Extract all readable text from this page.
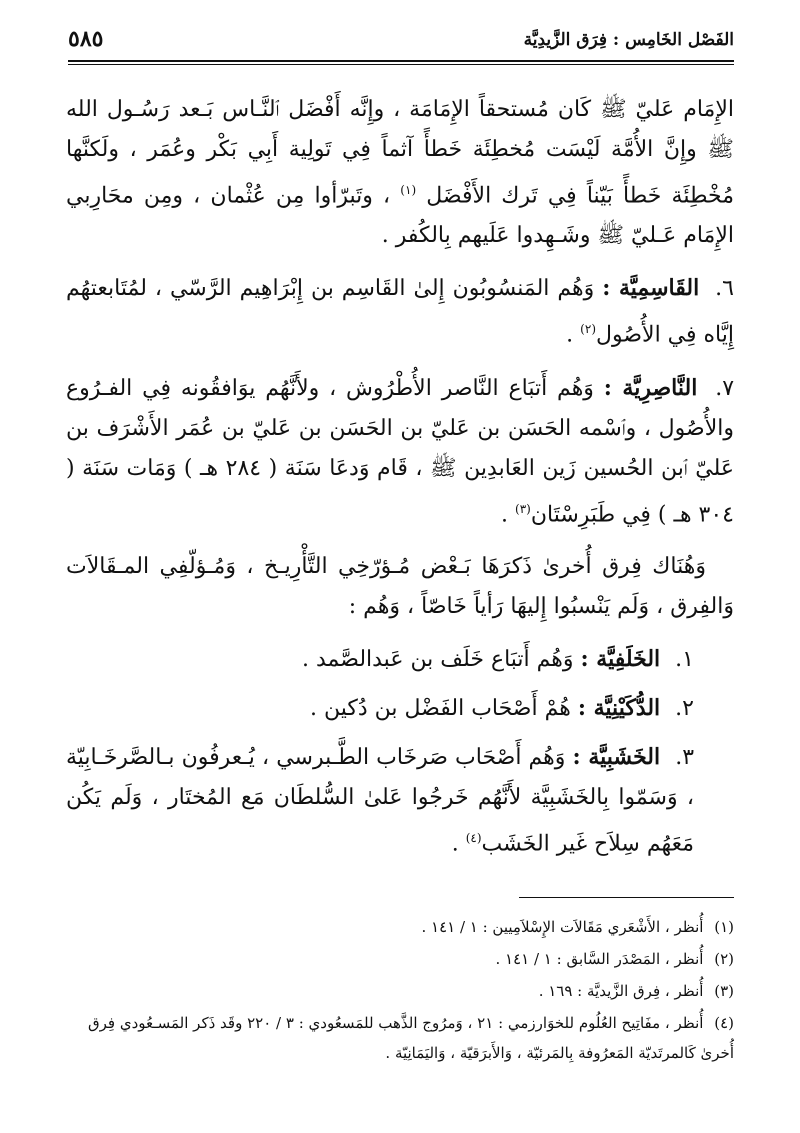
الفَصْل الخَامِس : فِرَق الزَّيدِيَّة
٥٨٥

الإِمَام عَليّ ﷺ كَان مُستحقاً الإِمَامَة ، وإِنَّه أَفْضَل ٱلنَّـاس بَـعد رَسُـول الله ﷺ وإِنَّ الأُمَّة لَيْسَت مُخطِئَة خَطأً آثماً فِي تَولِية أَبِي بَكْر وعُمَر ، ولَكنَّها مُخْطِئَة خَطأً بَيّناً فِي تَرك الأَفْضَل $^{(١)}$ ، وتَبرّأوا مِن عُثْمان ، ومِن محَارِبي الإِمَام عَـليّ ﷺ وشَـهِدوا عَلَيهم بِالكُفر .

٦. القَاسِمِيَّة : وَهُم المَنسُوبُون إِلىٰ القَاسِم بن إِبْرَاهِيم الرَّسّي ، لمُتَابعتهُم إِيَّاه فِي الأُصُول$^{(٢)}$ .

٧. النَّاصِرِيَّة : وَهُم أَتبَاع النَّاصر الأُطْرُوش ، ولأَنَّهُم يوَافقُونه فِي الفـرُوع والأُصُول ، وٱسْمه الحَسَن بن عَليّ بن الحَسَن بن عَليّ بن عُمَر الأَشْرَف بن عَليّ ٱبن الحُسين زَين العَابدِين ﷺ ، قَام وَدعَا سَنَة ( ٢٨٤ هـ ) وَمَات سَنَة ( ٣٠٤ هـ ) فِي طَبَرِسْتَان$^{(٣)}$ .

وَهُنَاك فِرق أُخرىٰ ذَكرَهَا بَـعْض مُـؤرّخِي التَّأْرِيـخ ، وَمُـؤلّفِي المـقَالاَت وَالفِرق ، وَلَم يَنْسبُوا إِليهَا رَأياً خَاصّاً ، وَهُم :

١. الخَلَفِيَّة : وَهُم أَتبَاع خَلَف بن عَبدالصَّمد .

٢. الدُّكَيْنِيَّة : هُمْ أَصْحَاب الفَضْل بن دُكين .

٣. الخَشَبِيَّة : وَهُم أَصْحَاب صَرخَاب الطَّـبرسي ، يُـعرفُون بـالصَّرخَـابِيّة ، وَسَمّوا بِالخَشَبِيَّة لأَنَّهُم خَرجُوا عَلىٰ السُّلطَان مَع المُختَار ، وَلَم يَكُن مَعَهُم سِلاَح غَير الخَشَب$^{(٤)}$ .

(١) أُنظر ، الأَشْعَري مَقَالاَت الإِسْلاَمِيين : ١ / ١٤١ .

(٢) أُنظر ، المَصْدَر السَّابق : ١ / ١٤١ .

(٣) أُنظر ، فِرق الزَّيديَّة : ١٦٩ .

(٤) أُنظر ، مفَاتِيح العُلُوم للخوَارزمي : ٢١ ، وَمرُوج الذَّهب للمَسعُودي : ٣ / ٢٢٠ وقَد ذَكر المَسـعُودي فِرق أُخرىٰ كَالمرتَديّة المَعرُوفة بِالمَرئيّة ، وَالأَبرَقيّة ، وَاليَمَانِيّة .
